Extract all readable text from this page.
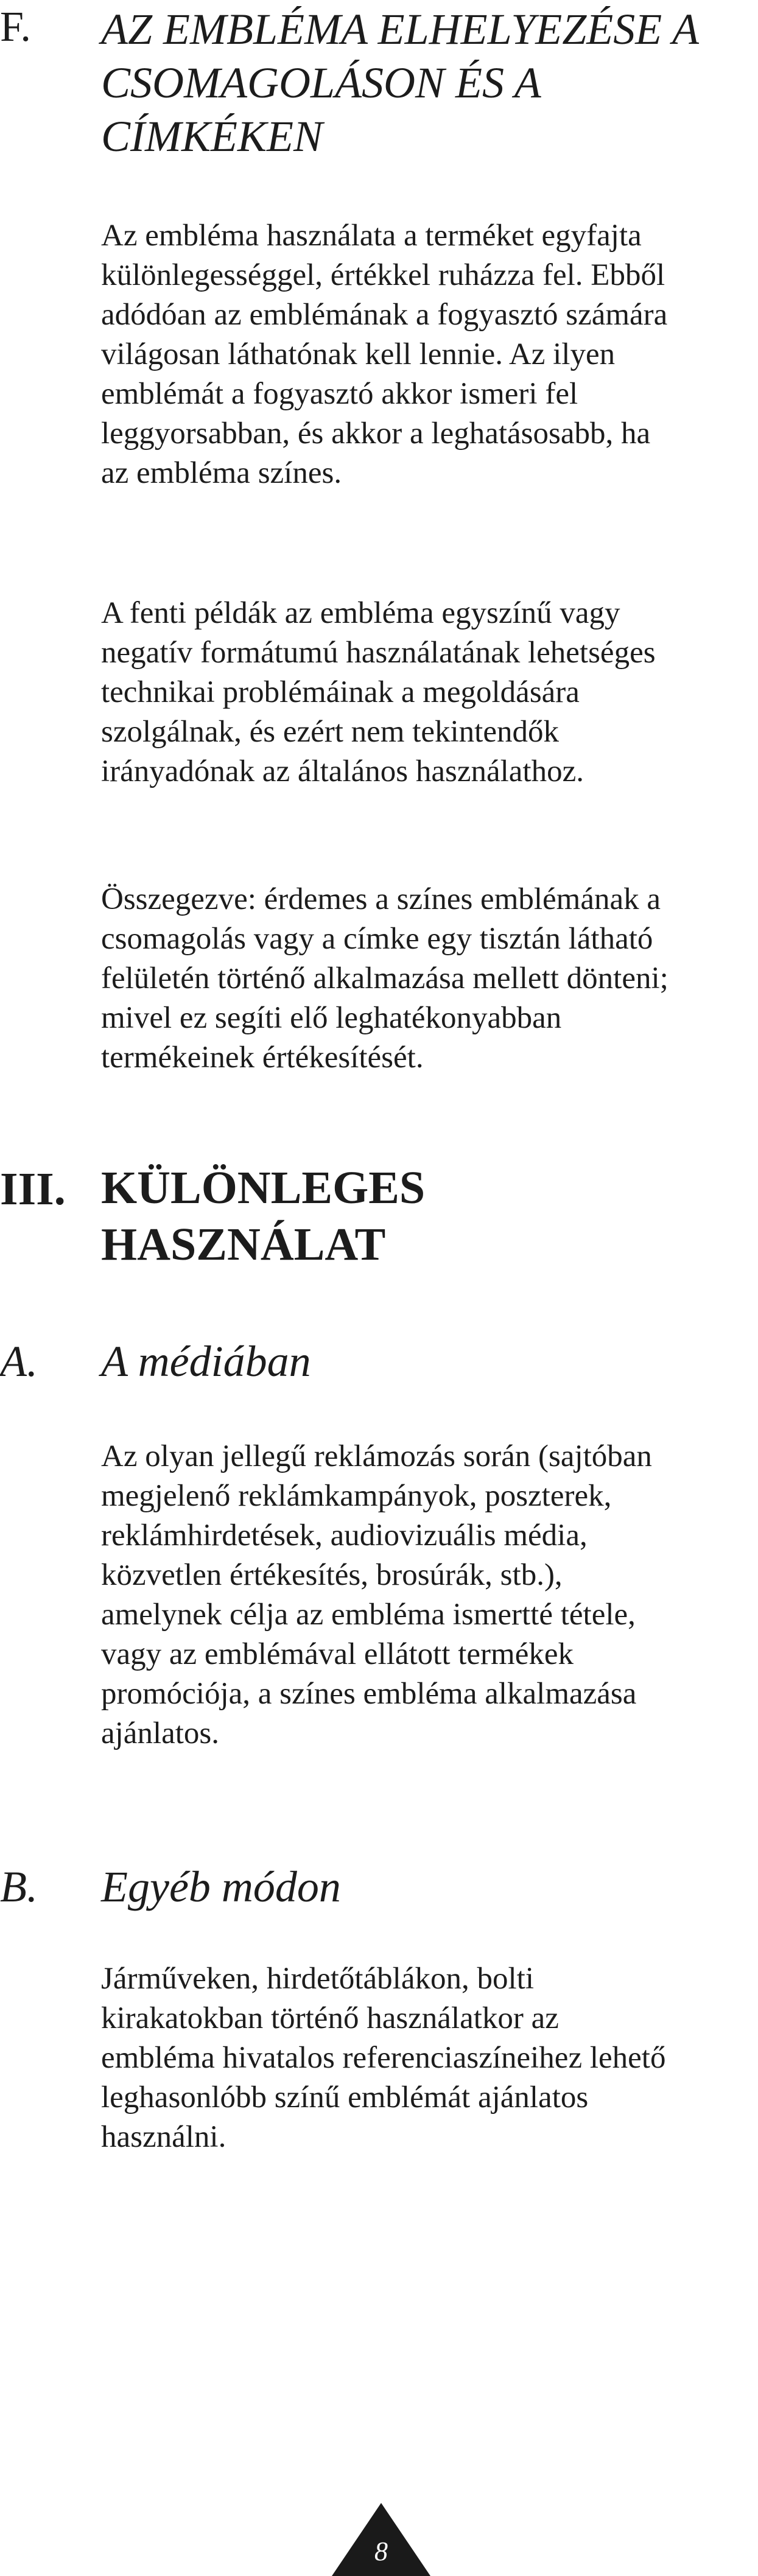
F. AZ EMBLÉMA ELHELYEZÉSE A
CSOMAGOLÁSON ÉS A
CÍMKÉKEN

Az embléma használata a terméket egyfajta
különlegességgel, értékkel ruházza fel. Ebből
adódóan az emblémának a fogyasztó számára
világosan láthatónak kell lennie. Az ilyen
emblémát a fogyasztó akkor ismeri fel
leggyorsabban, és akkor a leghatásosabb, ha
az embléma színes.

A fenti példák az embléma egyszínű vagy
negatív formátumú használatának lehetséges
technikai problémáinak a megoldására
szolgálnak, és ezért nem tekintendők
irányadónak az általános használathoz.

Összegezve: érdemes a színes emblémának a
csomagolás vagy a címke egy tisztán látható
felületén történő alkalmazása mellett dönteni;
mivel ez segíti elő leghatékonyabban
termékeinek értékesítését.

III. KÜLÖNLEGES
HASZNÁLAT
A. A médiában

Az olyan jellegű reklámozás során (sajtóban
megjelenő reklámkampányok, poszterek,
reklámhirdetések, audiovizuális média,
közvetlen értékesítés, brosúrák, stb.),
amelynek célja az embléma ismertté tétele,
vagy az emblémával ellátott termékek
promóciója, a színes embléma alkalmazása
ajánlatos.

B. Egyéb módon

Járműveken, hirdetőtáblákon, bolti
kirakatokban történő használatkor az
embléma hivatalos referenciaszíneihez lehető
leghasonlóbb színű emblémát ajánlatos
használni.

8
